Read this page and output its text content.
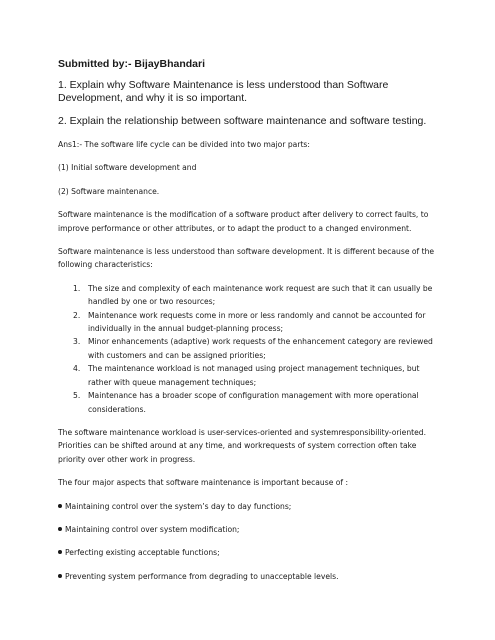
Submitted by:- BijayBhandari

1. Explain why Software Maintenance is less understood than Software Development, and why it is so important.

2. Explain the relationship between software maintenance and software testing.

Ans1:- The software life cycle can be divided into two major parts:

(1) Initial software development and

(2) Software maintenance.

Software maintenance is the modification of a software product after delivery to correct faults, to improve performance or other attributes, or to adapt the product to a changed environment.

Software maintenance is less understood than software development. It is different because of the following characteristics:

1. The size and complexity of each maintenance work request are such that it can usually be handled by one or two resources;
2. Maintenance work requests come in more or less randomly and cannot be accounted for individually in the annual budget-planning process;
3. Minor enhancements (adaptive) work requests of the enhancement category are reviewed with customers and can be assigned priorities;
4. The maintenance workload is not managed using project management techniques, but rather with queue management techniques;
5. Maintenance has a broader scope of configuration management with more operational considerations.

The software maintenance workload is user-services-oriented and systemresponsibility-oriented. Priorities can be shifted around at any time, and workrequests of system correction often take priority over other work in progress.

The four major aspects that software maintenance is important because of :

Maintaining control over the system’s day to day functions;

Maintaining control over system modification;

Perfecting existing acceptable functions;

Preventing system performance from degrading to unacceptable levels.
